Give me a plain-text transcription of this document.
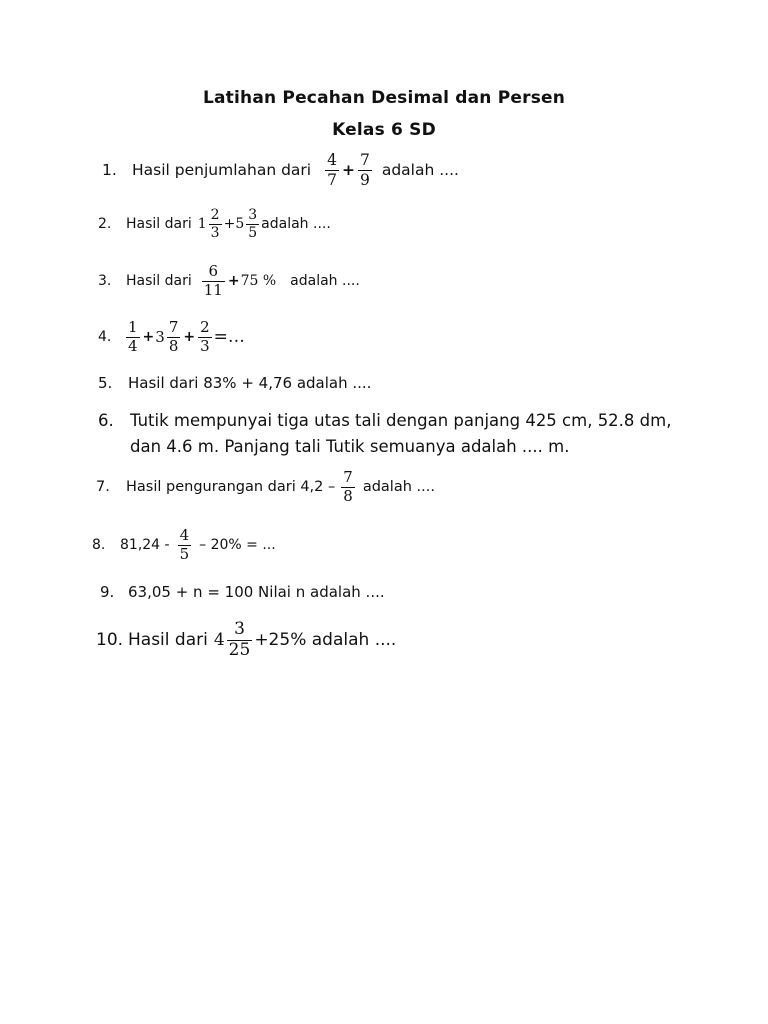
Latihan Pecahan Desimal dan Persen
Kelas 6 SD
1. Hasil penjumlahan dari $\frac{4}{7} + \frac{7}{9}$ adalah ....
2.	Hasil dari $1 \frac{2}{3} + 5 \frac{3}{5}$ adalah ....
3.	Hasil dari $\frac{6}{11} + 75$ % adalah ....
4. $\frac{1}{4} + 3 \frac{7}{8} + \frac{2}{3}$ =…
5.	Hasil dari 83% + 4,76 adalah ....
6. Tutik mempunyai tiga utas tali dengan panjang 425 cm, 52.8 dm,
dan 4.6 m. Panjang tali Tutik semuanya adalah .... m.
7.	Hasil pengurangan dari $4,2 - \frac{7}{8}$ adalah ....
8.	$81,24 - \frac{4}{5} - 20\%$ = ...
9. 63,05 + n = 100 Nilai n adalah ....
10. Hasil dari $4 \frac{3}{25} +25\%$ adalah ....
